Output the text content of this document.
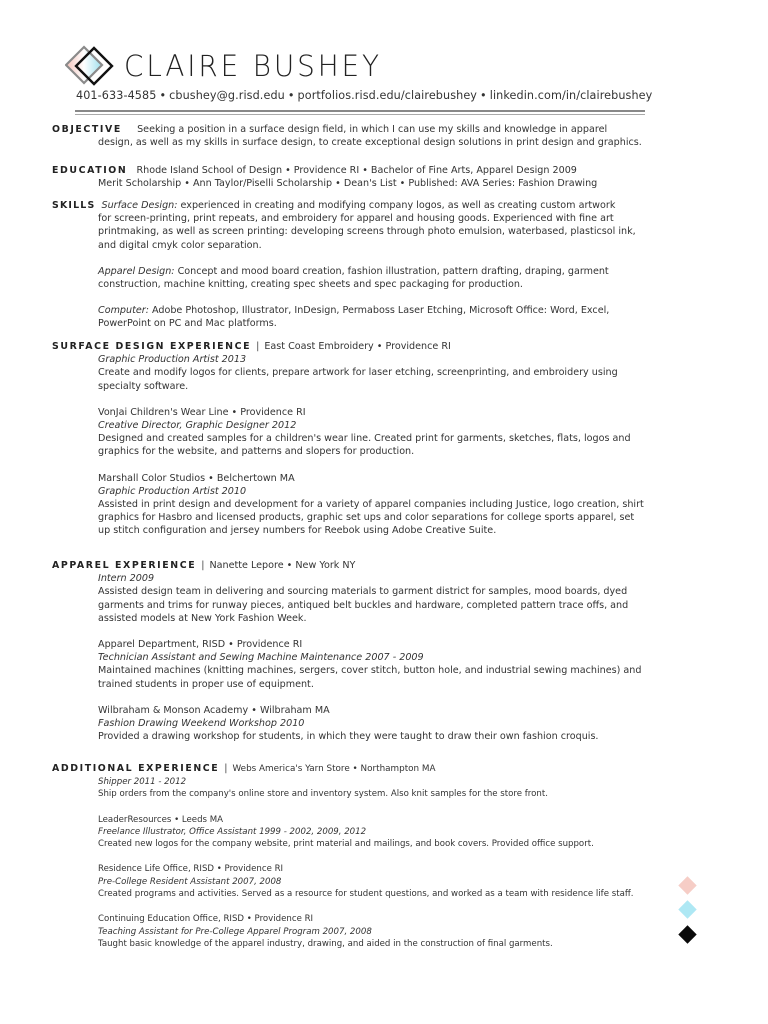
CLAIRE BUSHEY
401-633-4585 • cbushey@g.risd.edu • portfolios.risd.edu/clairebushey • linkedin.com/in/clairebushey
OBJECTIVE Seeking a position in a surface design field, in which I can use my skills and knowledge in apparel
design, as well as my skills in surface design, to create exceptional design solutions in print design and graphics.
EDUCATION Rhode Island School of Design • Providence RI • Bachelor of Fine Arts, Apparel Design 2009
Merit Scholarship • Ann Taylor/Piselli Scholarship • Dean's List • Published: AVA Series: Fashion Drawing
SKILLS Surface Design: experienced in creating and modifying company logos, as well as creating custom artwork
for screen-printing, print repeats, and embroidery for apparel and housing goods. Experienced with fine art
printmaking, as well as screen printing: developing screens through photo emulsion, waterbased, plasticsol ink,
and digital cmyk color separation.
Apparel Design: Concept and mood board creation, fashion illustration, pattern drafting, draping, garment
construction, machine knitting, creating spec sheets and spec packaging for production.
Computer: Adobe Photoshop, Illustrator, InDesign, Permaboss Laser Etching, Microsoft Office: Word, Excel,
PowerPoint on PC and Mac platforms.
SURFACE DESIGN EXPERIENCE | East Coast Embroidery • Providence RI
Graphic Production Artist 2013
Create and modify logos for clients, prepare artwork for laser etching, screenprinting, and embroidery using
specialty software.
VonJai Children's Wear Line • Providence RI
Creative Director, Graphic Designer 2012
Designed and created samples for a children's wear line. Created print for garments, sketches, flats, logos and
graphics for the website, and patterns and slopers for production.
Marshall Color Studios • Belchertown MA
Graphic Production Artist 2010
Assisted in print design and development for a variety of apparel companies including Justice, logo creation, shirt
graphics for Hasbro and licensed products, graphic set ups and color separations for college sports apparel, set
up stitch configuration and jersey numbers for Reebok using Adobe Creative Suite.
APPAREL EXPERIENCE | Nanette Lepore • New York NY
Intern 2009
Assisted design team in delivering and sourcing materials to garment district for samples, mood boards, dyed
garments and trims for runway pieces, antiqued belt buckles and hardware, completed pattern trace offs, and
assisted models at New York Fashion Week.
Apparel Department, RISD • Providence RI
Technician Assistant and Sewing Machine Maintenance 2007 - 2009
Maintained machines (knitting machines, sergers, cover stitch, button hole, and industrial sewing machines) and
trained students in proper use of equipment.
Wilbraham & Monson Academy • Wilbraham MA
Fashion Drawing Weekend Workshop 2010
Provided a drawing workshop for students, in which they were taught to draw their own fashion croquis.
ADDITIONAL EXPERIENCE | Webs America's Yarn Store • Northampton MA
Shipper 2011 - 2012
Ship orders from the company's online store and inventory system. Also knit samples for the store front.
LeaderResources • Leeds MA
Freelance Illustrator, Office Assistant 1999 - 2002, 2009, 2012
Created new logos for the company website, print material and mailings, and book covers. Provided office support.
Residence Life Office, RISD • Providence RI
Pre-College Resident Assistant 2007, 2008
Created programs and activities. Served as a resource for student questions, and worked as a team with residence life staff.
Continuing Education Office, RISD • Providence RI
Teaching Assistant for Pre-College Apparel Program 2007, 2008
Taught basic knowledge of the apparel industry, drawing, and aided in the construction of final garments.
